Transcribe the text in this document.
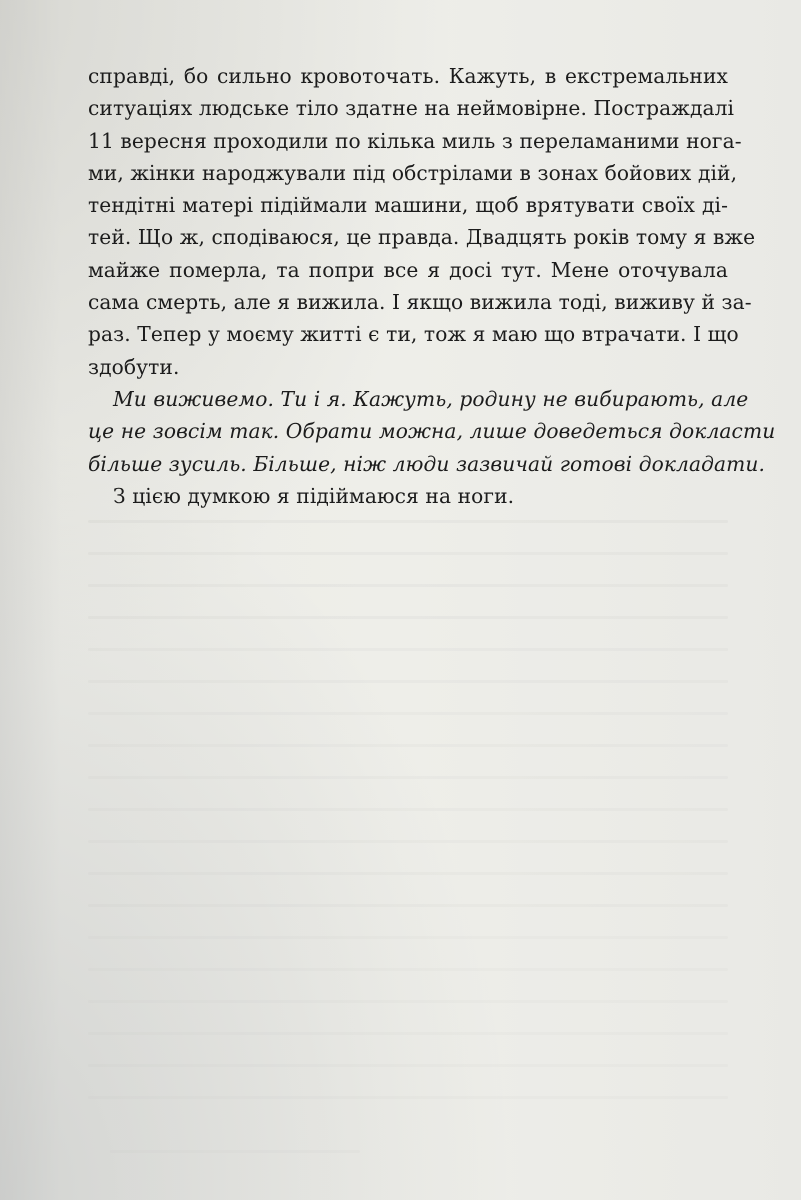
справді, бо сильно кровоточать. Кажуть, в екстремальних
ситуаціях людське тіло здатне на неймовірне. Постраждалі
11 вересня проходили по кілька миль з переламаними нога-
ми, жінки народжували під обстрілами в зонах бойових дій,
тендітні матері підіймали машини, щоб врятувати своїх ді-
тей. Що ж, сподіваюся, це правда. Двадцять років тому я вже
майже померла, та попри все я досі тут. Мене оточувала
сама смерть, але я вижила. І якщо вижила тоді, виживу й за-
раз. Тепер у моєму житті є ти, тож я маю що втрачати. І що
здобути.
Ми виживемо. Ти і я. Кажуть, родину не вибирають, але
це не зовсім так. Обрати можна, лише доведеться докласти
більше зусиль. Більше, ніж люди зазвичай готові докладати.
З цією думкою я підіймаюся на ноги.
